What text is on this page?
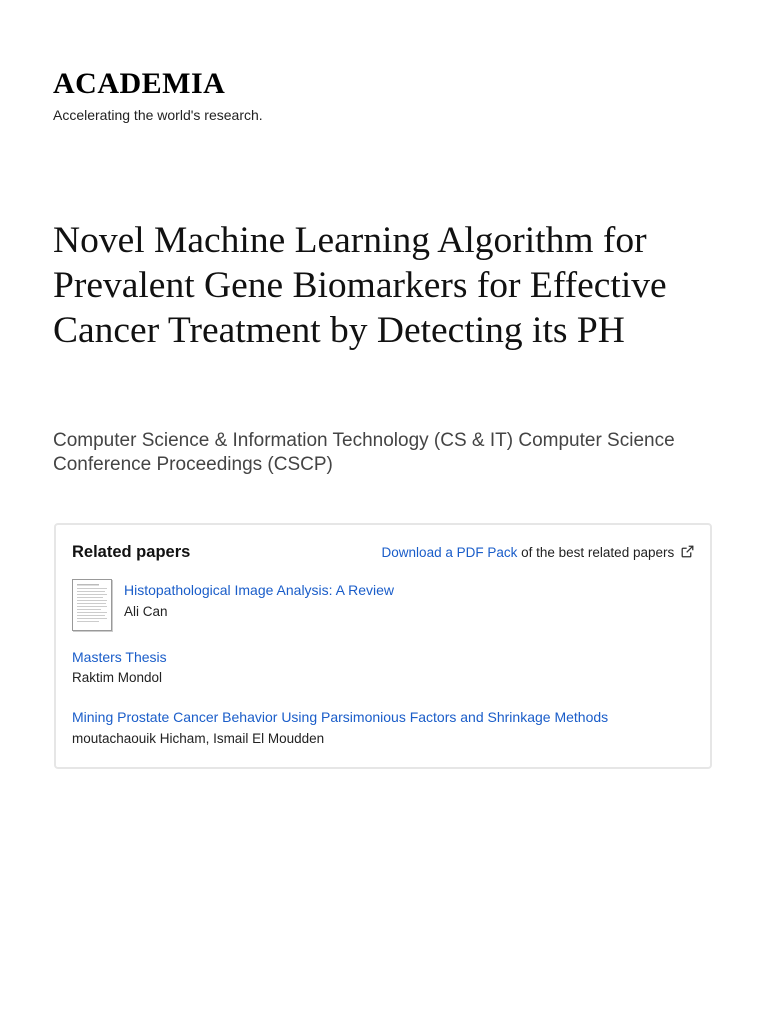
ACADEMIA
Accelerating the world's research.
Novel Machine Learning Algorithm for Prevalent Gene Biomarkers for Effective Cancer Treatment by Detecting its PH
Computer Science & Information Technology (CS & IT) Computer Science Conference Proceedings (CSCP)
Related papers	Download a PDF Pack of the best related papers
Histopathological Image Analysis: A Review
Ali Can
Masters Thesis
Raktim Mondol
Mining Prostate Cancer Behavior Using Parsimonious Factors and Shrinkage Methods
moutachaouik Hicham, Ismail El Moudden
